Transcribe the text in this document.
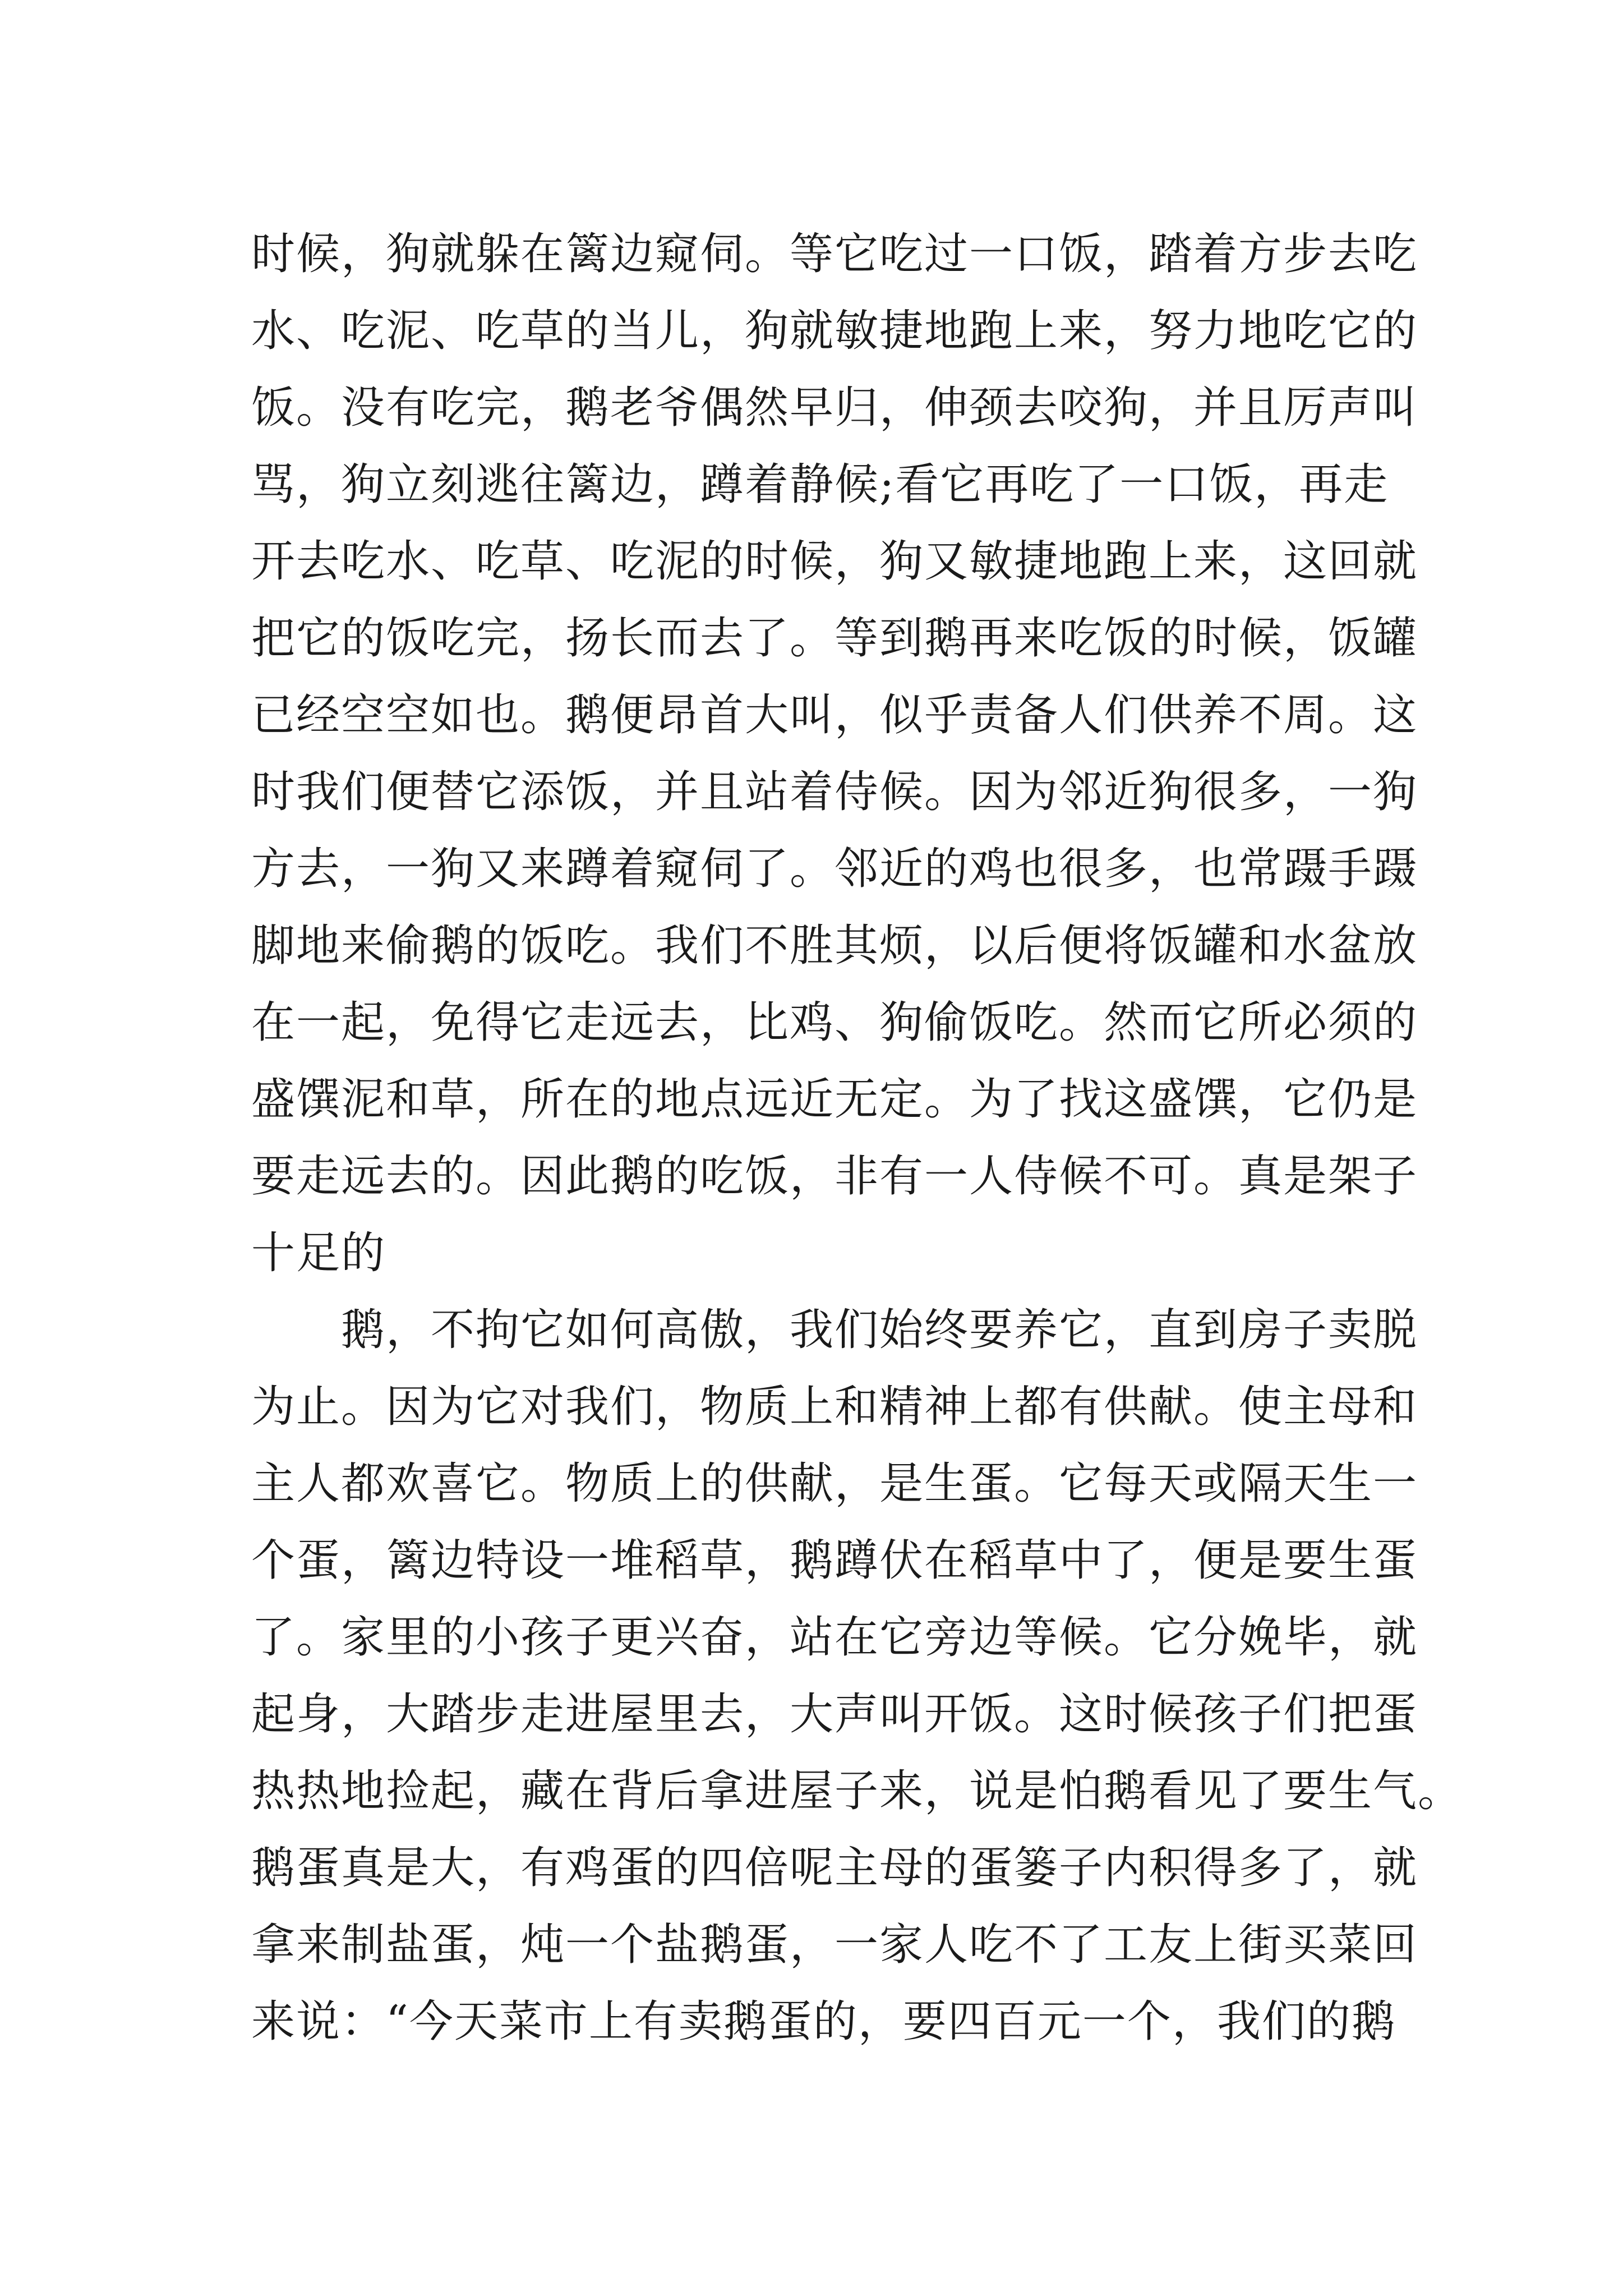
时候，狗就躲在篱边窥伺。等它吃过一口饭，踏着方步去吃
水、吃泥、吃草的当儿，狗就敏捷地跑上来，努力地吃它的
饭。没有吃完，鹅老爷偶然早归，伸颈去咬狗，并且厉声叫
骂，狗立刻逃往篱边，蹲着静候;看它再吃了一口饭，再走
开去吃水、吃草、吃泥的时候，狗又敏捷地跑上来，这回就
把它的饭吃完，扬长而去了。等到鹅再来吃饭的时候，饭罐
已经空空如也。鹅便昂首大叫，似乎责备人们供养不周。这
时我们便替它添饭，并且站着侍候。因为邻近狗很多，一狗
方去，一狗又来蹲着窥伺了。邻近的鸡也很多，也常蹑手蹑
脚地来偷鹅的饭吃。我们不胜其烦，以后便将饭罐和水盆放
在一起，免得它走远去，比鸡、狗偷饭吃。然而它所必须的
盛馔泥和草，所在的地点远近无定。为了找这盛馔，它仍是
要走远去的。因此鹅的吃饭，非有一人侍候不可。真是架子
十足的
　　鹅，不拘它如何高傲，我们始终要养它，直到房子卖脱
为止。因为它对我们，物质上和精神上都有供献。使主母和
主人都欢喜它。物质上的供献，是生蛋。它每天或隔天生一
个蛋，篱边特设一堆稻草，鹅蹲伏在稻草中了，便是要生蛋
了。家里的小孩子更兴奋，站在它旁边等候。它分娩毕，就
起身，大踏步走进屋里去，大声叫开饭。这时候孩子们把蛋
热热地捡起，藏在背后拿进屋子来，说是怕鹅看见了要生气。
鹅蛋真是大，有鸡蛋的四倍呢主母的蛋篓子内积得多了，就
拿来制盐蛋，炖一个盐鹅蛋，一家人吃不了工友上街买菜回
来说：“今天菜市上有卖鹅蛋的，要四百元一个，我们的鹅
